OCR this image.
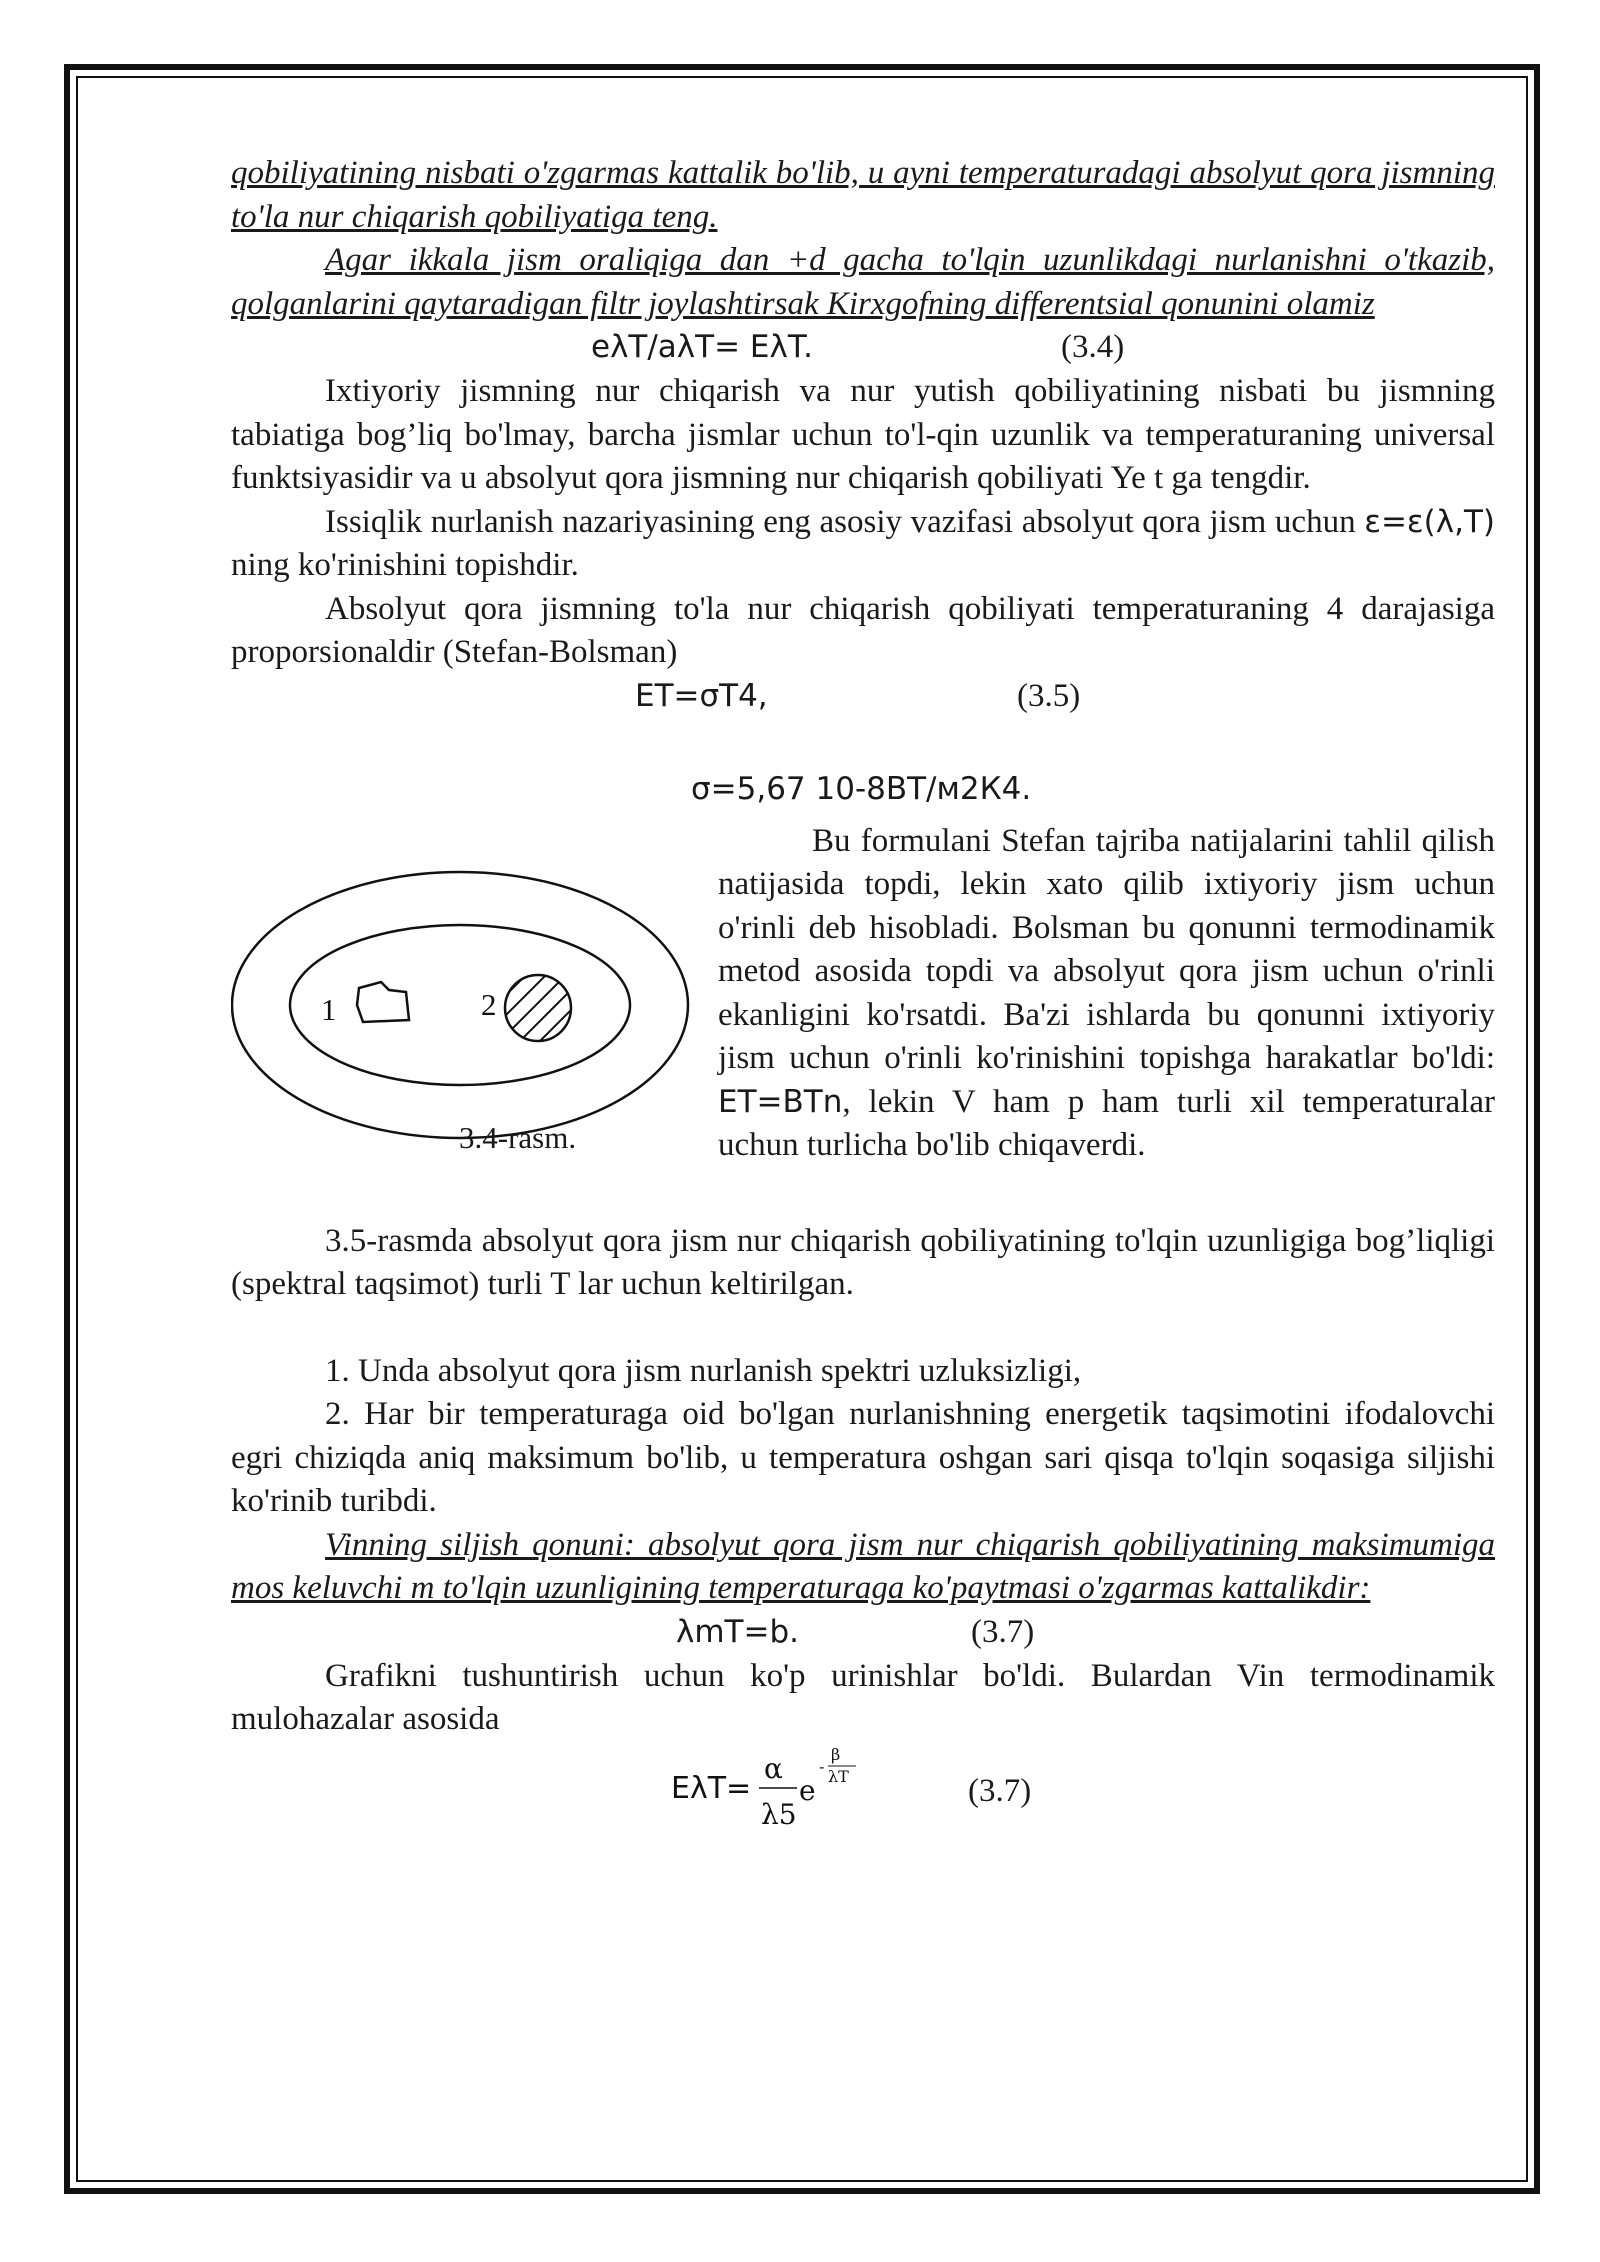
qobiliyatining nisbati o'zgarmas kattalik bo'lib, u ayni temperaturadagi absolyut qora jismning to'la nur chiqarish qobiliyatiga teng.

Agar ikkala jism oraliqiga dan +d gacha to'lqin uzunlikdagi nurlanishni o'tkazib, qolganlarini qaytaradigan filtr joylashtirsak Kirxgofning differentsial qonunini olamiz

eλT/aλT= EλT.	(3.4)

Ixtiyoriy jismning nur chiqarish va nur yutish qobiliyatining nisbati bu jismning tabiatiga bog’liq bo'lmay, barcha jismlar uchun to'l-qin uzunlik va temperaturaning universal funktsiyasidir va u absolyut qora jismning nur chiqarish qobiliyati Ye t ga tengdir.

Issiqlik nurlanish nazariyasining eng asosiy vazifasi absolyut qora jism uchun ε=ε(λ,T) ning ko'rinishini topishdir.

Absolyut qora jismning to'la nur chiqarish qobiliyati temperaturaning 4 darajasiga proporsionaldir (Stefan-Bolsman)

ET=σT4,	(3.5)
σ=5,67 10-8ВТ/м2К4.
1	2
3.4-rasm.

Bu formulani Stefan tajriba natijalarini tahlil qilish natijasida topdi, lekin xato qilib ixtiyoriy jism uchun o'rinli deb hisobladi. Bolsman bu qonunni termodinamik metod asosida topdi va absolyut qora jism uchun o'rinli ekanligini ko'rsatdi. Ba'zi ishlarda bu qonunni ixtiyoriy jism uchun o'rinli ko'rinishini topishga harakatlar bo'ldi: ET=BTn, lekin V ham p ham turli xil temperaturalar uchun turlicha bo'lib chiqaverdi.

3.5-rasmda absolyut qora jism nur chiqarish qobiliyatining to'lqin uzunligiga bog’liqligi (spektral taqsimot) turli T lar uchun keltirilgan.

1. Unda absolyut qora jism nurlanish spektri uzluksizligi,

2. Har bir temperaturaga oid bo'lgan nurlanishning energetik taqsimotini ifodalovchi egri chiziqda aniq maksimum bo'lib, u temperatura oshgan sari qisqa to'lqin soqasiga siljishi ko'rinib turibdi.

Vinning siljish qonuni: absolyut qora jism nur chiqarish qobiliyatining maksimumiga mos keluvchi m to'lqin uzunligining temperaturaga ko'paytmasi o'zgarmas kattalikdir:

λmT=b.	(3.7)

Grafikni tushuntirish uchun ko'p urinishlar bo'ldi. Bulardan Vin termodinamik mulohazalar asosida

EλT=
α
λ5
e
-
β
λT	(3.7)
